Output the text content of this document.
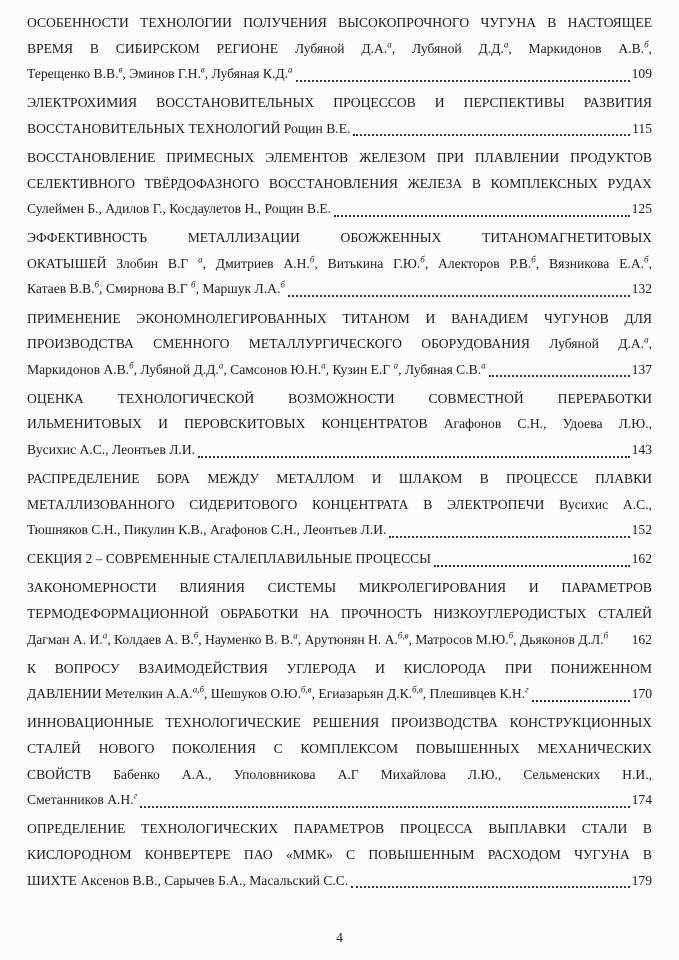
ОСОБЕННОСТИ ТЕХНОЛОГИИ ПОЛУЧЕНИЯ ВЫСОКОПРОЧНОГО ЧУГУНА В НАСТОЯЩЕЕ
ВРЕМЯ В СИБИРСКОМ РЕГИОНЕ Лубяной Д.А.$^а$, Лубяной Д.Д.$^а$, Маркидонов А.В.$^б$,
Терещенко В.В.$^в$, Эминов Г.Н.$^в$, Лубяная К.Д.$^а$	109
ЭЛЕКТРОХИМИЯ ВОССТАНОВИТЕЛЬНЫХ ПРОЦЕССОВ И ПЕРСПЕКТИВЫ РАЗВИТИЯ
ВОССТАНОВИТЕЛЬНЫХ ТЕХНОЛОГИЙ Рощин В.Е.	115
ВОССТАНОВЛЕНИЕ ПРИМЕСНЫХ ЭЛЕМЕНТОВ ЖЕЛЕЗОМ ПРИ ПЛАВЛЕНИИ ПРОДУКТОВ
СЕЛЕКТИВНОГО ТВЁРДОФАЗНОГО ВОССТАНОВЛЕНИЯ ЖЕЛЕЗА В КОМПЛЕКСНЫХ РУДАХ
Сулеймен Б., Адилов Г., Косдаулетов Н., Рощин В.Е.	125
ЭФФЕКТИВНОСТЬ МЕТАЛЛИЗАЦИИ ОБОЖЖЕННЫХ ТИТАНОМАГНЕТИТОВЫХ
ОКАТЫШЕЙ Злобин В.Г $^а$, Дмитриев А.Н.$^б$, Витькина Г.Ю.$^б$, Алекторов Р.В.$^б$, Вязникова Е.А.$^б$,
Катаев В.В.$^б$, Смирнова В.Г $^б$, Маршук Л.А.$^б$	132
ПРИМЕНЕНИЕ ЭКОНОМНОЛЕГИРОВАННЫХ ТИТАНОМ И ВАНАДИЕМ ЧУГУНОВ ДЛЯ
ПРОИЗВОДСТВА СМЕННОГО МЕТАЛЛУРГИЧЕСКОГО ОБОРУДОВАНИЯ Лубяной Д.А.$^а$,
Маркидонов А.В.$^б$, Лубяной Д.Д.$^а$, Самсонов Ю.Н.$^а$, Кузин Е.Г $^а$, Лубяная С.В.$^а$	137
ОЦЕНКА ТЕХНОЛОГИЧЕСКОЙ ВОЗМОЖНОСТИ СОВМЕСТНОЙ ПЕРЕРАБОТКИ
ИЛЬМЕНИТОВЫХ И ПЕРОВСКИТОВЫХ КОНЦЕНТРАТОВ Агафонов С.Н., Удоева Л.Ю.,
Вусихис А.С., Леонтьев Л.И.	143
РАСПРЕДЕЛЕНИЕ БОРА МЕЖДУ МЕТАЛЛОМ И ШЛАКОМ В ПРОЦЕССЕ ПЛАВКИ
МЕТАЛЛИЗОВАННОГО СИДЕРИТОВОГО КОНЦЕНТРАТА В ЭЛЕКТРОПЕЧИ Вусихис А.С.,
Тюшняков С.Н., Пикулин К.В., Агафонов С.Н., Леонтьев Л.И.	152
СЕКЦИЯ 2 – СОВРЕМЕННЫЕ СТАЛЕПЛАВИЛЬНЫЕ ПРОЦЕССЫ	162
ЗАКОНОМЕРНОСТИ ВЛИЯНИЯ СИСТЕМЫ МИКРОЛЕГИРОВАНИЯ И ПАРАМЕТРОВ
ТЕРМОДЕФОРМАЦИОННОЙ ОБРАБОТКИ НА ПРОЧНОСТЬ НИЗКОУГЛЕРОДИСТЫХ СТАЛЕЙ
Дагман А. И.$^а$, Колдаев А. В.$^б$, Науменко В. В.$^а$, Арутюнян Н. А.$^{б,в}$, Матросов М.Ю.$^б$, Дьяконов Д.Л.$^б$ 162
К ВОПРОСУ ВЗАИМОДЕЙСТВИЯ УГЛЕРОДА И КИСЛОРОДА ПРИ ПОНИЖЕННОМ
ДАВЛЕНИИ Метелкин А.А.$^{а,б}$, Шешуков О.Ю.$^{б,в}$, Егиазарьян Д.К.$^{б,в}$, Плешивцев К.Н.$^г$	170
ИННОВАЦИОННЫЕ ТЕХНОЛОГИЧЕСКИЕ РЕШЕНИЯ ПРОИЗВОДСТВА КОНСТРУКЦИОННЫХ
СТАЛЕЙ НОВОГО ПОКОЛЕНИЯ С КОМПЛЕКСОМ ПОВЫШЕННЫХ МЕХАНИЧЕСКИХ
СВОЙСТВ Бабенко А.А., Уполовникова А.Г Михайлова Л.Ю., Сельменских Н.И.,
Сметанников А.Н.$^г$	174
ОПРЕДЕЛЕНИЕ ТЕХНОЛОГИЧЕСКИХ ПАРАМЕТРОВ ПРОЦЕССА ВЫПЛАВКИ СТАЛИ В
КИСЛОРОДНОМ КОНВЕРТЕРЕ ПАО «ММК» С ПОВЫШЕННЫМ РАСХОДОМ ЧУГУНА В
ШИХТЕ Аксенов В.В., Сарычев Б.А., Масальский С.С.	179
4
